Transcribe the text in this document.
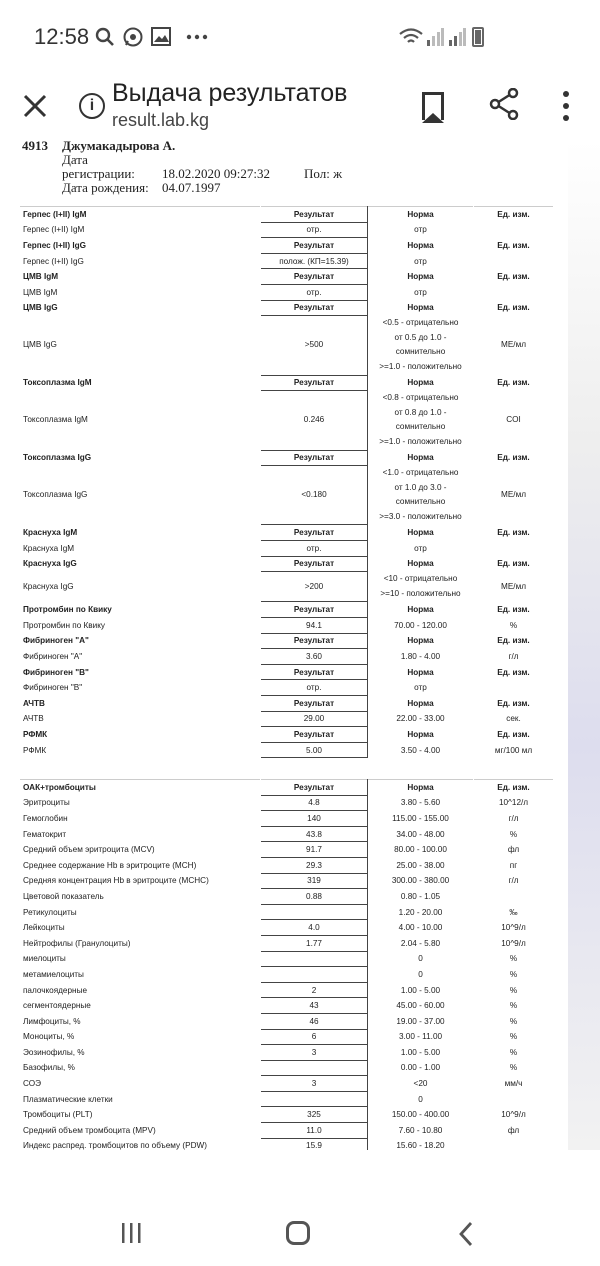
12:58
i Выдача результатов
result.lab.kg
4913 Джумакадырова А.
Дата
регистрации: 18.02.2020 09:27:32	Пол: ж
Дата рождения: 04.07.1997
Герпес (I+II) IgM	Результат	Норма	Ед. изм.
Герпес (I+II) IgM	отр.	отр	
Герпес (I+II) IgG	Результат	Норма	Ед. изм.
Герпес (I+II) IgG	полож. (КП=15.39)	отр	
ЦМВ IgM	Результат	Норма	Ед. изм.
ЦМВ IgM	отр.	отр	
ЦМВ IgG	Результат	Норма	Ед. изм.
ЦМВ IgG	>500	<0.5 - отрицательно
от 0.5 до 1.0 -
сомнительно
>=1.0 - положительно	МЕ/мл
Токсоплазма IgM	Результат	Норма	Ед. изм.
Токсоплазма IgM	0.246	<0.8 - отрицательно
от 0.8 до 1.0 -
сомнительно
>=1.0 - положительно	COI
Токсоплазма IgG	Результат	Норма	Ед. изм.
Токсоплазма IgG	<0.180	<1.0 - отрицательно
от 1.0 до 3.0 -
сомнительно
>=3.0 - положительно	МЕ/мл
Краснуха IgM	Результат	Норма	Ед. изм.
Краснуха IgM	отр.	отр	
Краснуха IgG	Результат	Норма	Ед. изм.
Краснуха IgG	>200	<10 - отрицательно
>=10 - положительно	МЕ/мл
Протромбин по Квику	Результат	Норма	Ед. изм.
Протромбин по Квику	94.1	70.00 - 120.00	%
Фибриноген "А"	Результат	Норма	Ед. изм.
Фибриноген "А"	3.60	1.80 - 4.00	г/л
Фибриноген "В"	Результат	Норма	Ед. изм.
Фибриноген "В"	отр.	отр	
АЧТВ	Результат	Норма	Ед. изм.
АЧТВ	29.00	22.00 - 33.00	сек.
РФМК	Результат	Норма	Ед. изм.
РФМК	5.00	3.50 - 4.00	мг/100 мл
ОАК+тромбоциты	Результат	Норма	Ед. изм.
Эритроциты	4.8	3.80 - 5.60	10^12/л
Гемоглобин	140	115.00 - 155.00	г/л
Гематокрит	43.8	34.00 - 48.00	%
Средний объем эритроцита (MCV)	91.7	80.00 - 100.00	фл
Среднее содержание Hb в эритроците (MCH)	29.3	25.00 - 38.00	пг
Средняя концентрация Hb в эритроците (MCHC)	319	300.00 - 380.00	г/л
Цветовой показатель	0.88	0.80 - 1.05	
Ретикулоциты		1.20 - 20.00	‰
Лейкоциты	4.0	4.00 - 10.00	10^9/л
Нейтрофилы (Гранулоциты)	1.77	2.04 - 5.80	10^9/л
миелоциты		0	%
метамиелоциты		0	%
палочкоядерные	2	1.00 - 5.00	%
сегментоядерные	43	45.00 - 60.00	%
Лимфоциты, %	46	19.00 - 37.00	%
Моноциты, %	6	3.00 - 11.00	%
Эозинофилы, %	3	1.00 - 5.00	%
Базофилы, %		0.00 - 1.00	%
СОЭ	3	<20	мм/ч
Плазматические клетки		0	
Тромбоциты (PLT)	325	150.00 - 400.00	10^9/л
Средний объем тромбоцита (MPV)	11.0	7.60 - 10.80	фл
Индекс распред. тромбоцитов по объему (PDW)	15.9	15.60 - 18.20	
